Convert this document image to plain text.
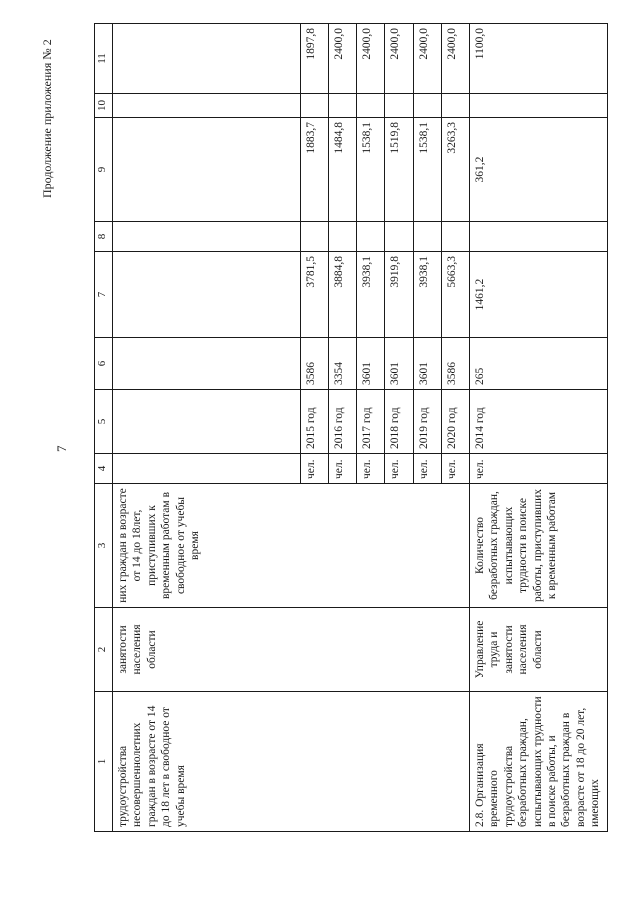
7
Продолжение приложения № 2
1	2	3	4	5	6	7	8	9	10	11
трудоустройства несовершеннолетних граждан в возрасте от 14 до 18 лет в свободное от учебы время	занятости населения области	них граждан в возрасте от 14 до 18лет, приступивших к временным работам в свободное от учебы время								
			чел.	2015 год	3586	3781,5		1883,7		1897,8
			чел.	2016 год	3354	3884,8		1484,8		2400,0
			чел.	2017 год	3601	3938,1		1538,1		2400,0
			чел.	2018 год	3601	3919,8		1519,8		2400,0
			чел.	2019 год	3601	3938,1		1538,1		2400,0
			чел.	2020 год	3586	5663,3		3263,3		2400,0
2.8. Организация временного трудоустройства безработных граждан, испытывающих трудности в поиске работы, и безработных граждан в возрасте от 18 до 20 лет, имеющих	Управление труда и занятости населения области	Количество безработных граждан, испытывающих трудности в поиске работы, приступивших к временным работам	чел.	2014 год	265	1461,2		361,2		1100,0
